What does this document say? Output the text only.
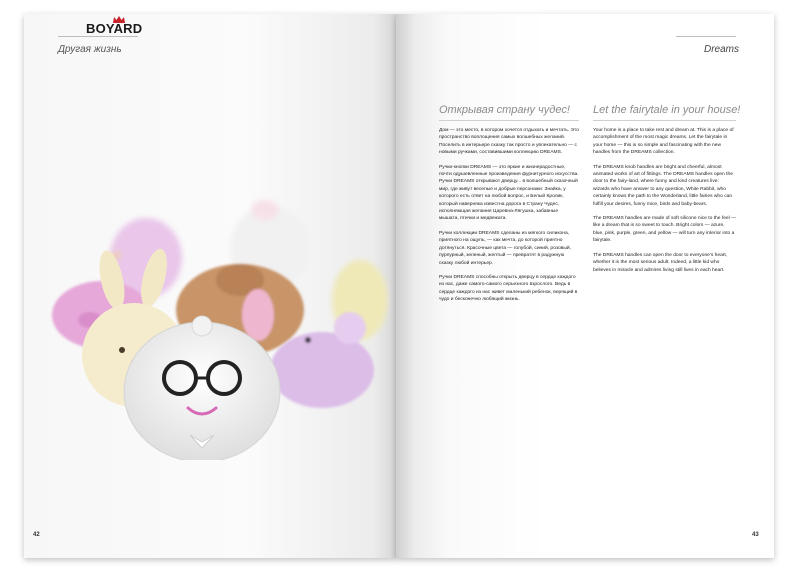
BOYARD
Другая жизнь	Dreams
Открывая страну чудес!

Дом — это место, в котором хочется отдыхать и мечтать. Это пространство воплощения самых волшебных желаний. Поселить в интерьере сказку так просто и увлекательно — с новыми ручками, составившими коллекцию DREAMS.

Ручки-кнопки DREAMS — это яркие и жизнерадостные, почти одушевленные произведения фурнитурного искусства. Ручки DREAMS открывают дверцу... в волшебный сказочный мир, где живут веселые и добрые персонажи: Знайка, у которого есть ответ на любой вопрос, и Белый Кролик, который наверняка известна дорога в Страну Чудес, исполняющая желания Царевна-Лягушка, забавные мышата, птички и медвежата.

Ручки коллекции DREAMS сделаны из мягкого силикона, приятного на ощупь, — как мечта, до которой приятно дотянуться. Красочные цвета — голубой, синий, розовый, пурпурный, зеленый, желтый — превратят в радужную сказку любой интерьер.

Ручки DREAMS способны открыть дверцу в сердце каждого из нас, даже самого-самого серьезного взрослого. Ведь в сердце каждого из нас живет маленький ребенок, верящий в чудо и бесконечно любящий жизнь.

Let the fairytale in your house!

Your home is a place to take rest and dream at. This is a place of accomplishment of the most magic dreams. Let the fairytale in your home — this is so simple and fascinating with the new handles from the DREAMS collection.

The DREAMS knob handles are bright and cheerful, almost animated works of art of fittings. The DREAMS handles open the door to the fairy-land, where funny and kind creatures live: wizards who have answer to any question, White Rabbit, who certainly knows the path to the Wonderland, little fairies who can fulfill your desires, funny mice, birds and baby-bears.

The DREAMS handles are made of soft silicone nice to the feel — like a dream that is so sweet to touch. Bright colors — azure, blue, pink, purple, green, and yellow — will turn any interior into a fairytale.

The DREAMS handles can open the door to everyone's heart, whether it is the most serious adult. Indeed, a little kid who believes in miracle and admires living still lives in each heart.

42	43
